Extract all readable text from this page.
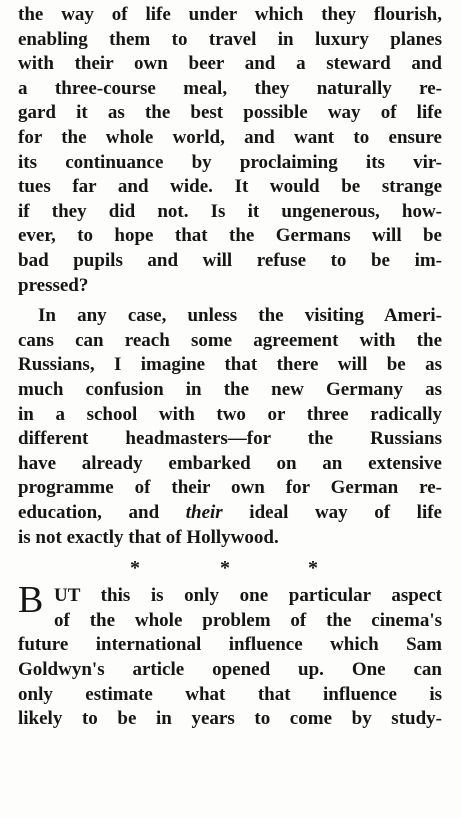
the way of life under which they flourish,
enabling them to travel in luxury planes
with their own beer and a steward and
a three-course meal, they naturally re-
gard it as the best possible way of life
for the whole world, and want to ensure
its continuance by proclaiming its vir-
tues far and wide. It would be strange
if they did not. Is it ungenerous, how-
ever, to hope that the Germans will be
bad pupils and will refuse to be im-
pressed?
In any case, unless the visiting Ameri-
cans can reach some agreement with the
Russians, I imagine that there will be as
much confusion in the new Germany as
in a school with two or three radically
different headmasters—for the Russians
have already embarked on an extensive
programme of their own for German re-
education, and their ideal way of life
is not exactly that of Hollywood.
*	*	*
B UT this is only one particular aspect
of the whole problem of the cinema's
future international influence which Sam
Goldwyn's article opened up. One can
only estimate what that influence is
likely to be in years to come by study-
